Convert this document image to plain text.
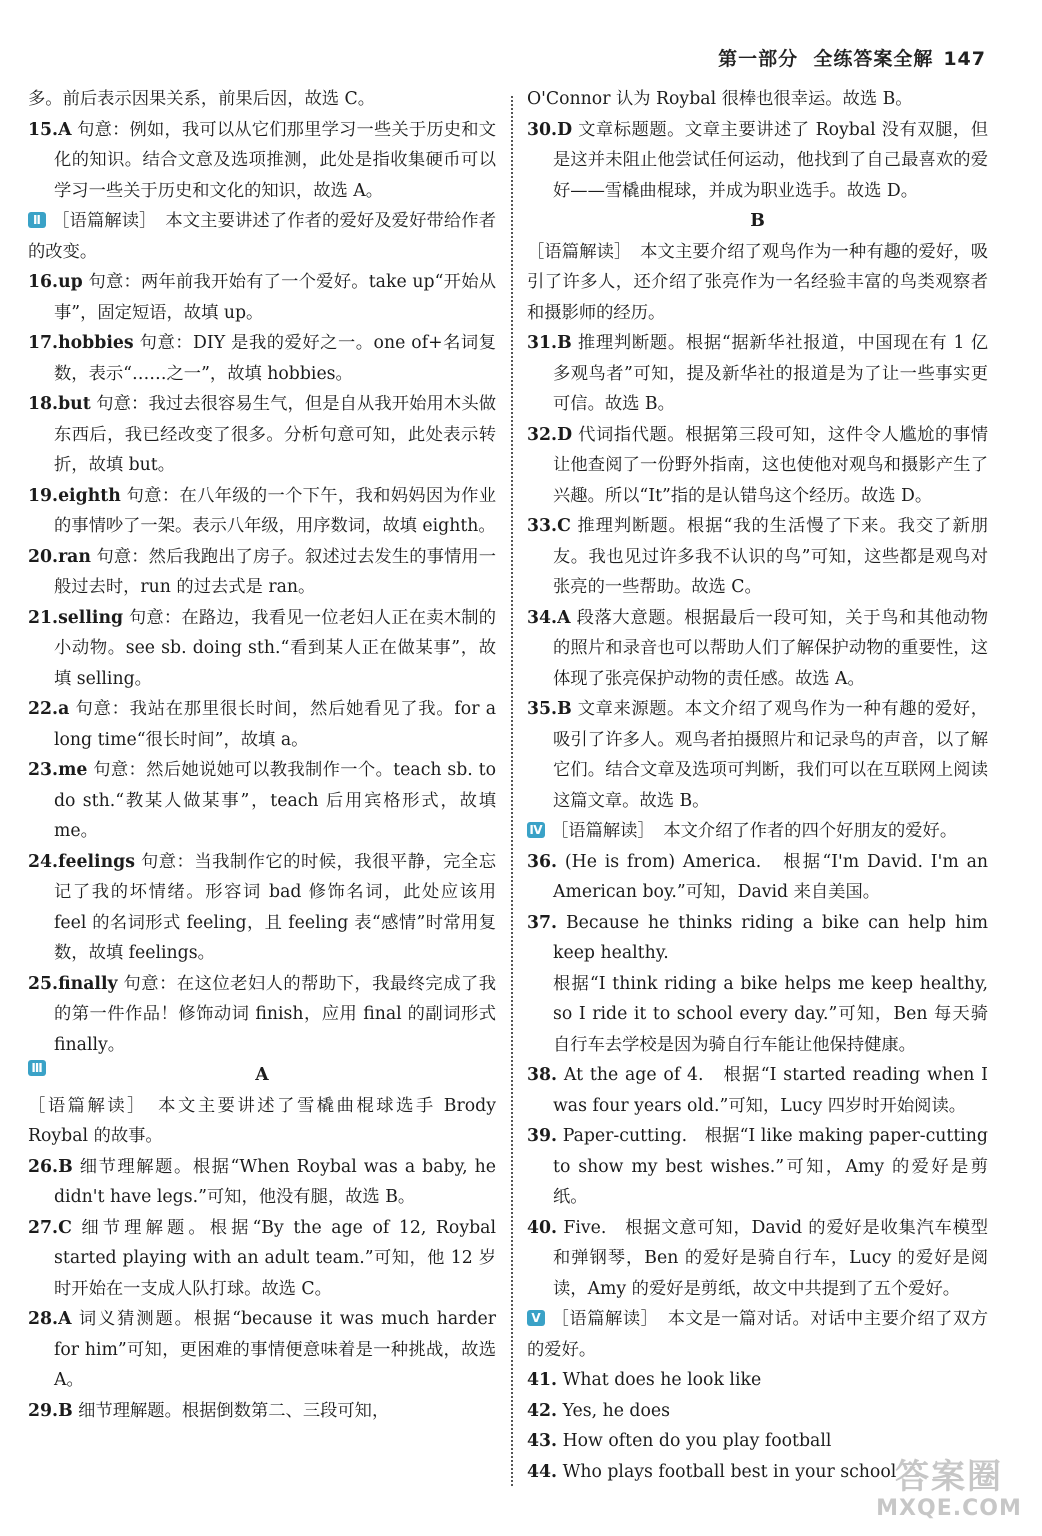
第一部分 全练答案全解 147

多。前后表示因果关系，前果后因，故选 C。

15.A 句意：例如，我可以从它们那里学习一些关于历史和文化的知识。结合文意及选项推测，此处是指收集硬币可以学习一些关于历史和文化的知识，故选 A。

Ⅱ ［语篇解读］　本文主要讲述了作者的爱好及爱好带给作者的改变。

16.up 句意：两年前我开始有了一个爱好。take up“开始从事”，固定短语，故填 up。

17.hobbies 句意：DIY 是我的爱好之一。one of+名词复数，表示“……之一”，故填 hobbies。

18.but 句意：我过去很容易生气，但是自从我开始用木头做东西后，我已经改变了很多。分析句意可知，此处表示转折，故填 but。

19.eighth 句意：在八年级的一个下午，我和妈妈因为作业的事情吵了一架。表示八年级，用序数词，故填 eighth。

20.ran 句意：然后我跑出了房子。叙述过去发生的事情用一般过去时，run 的过去式是 ran。

21.selling 句意：在路边，我看见一位老妇人正在卖木制的小动物。see sb. doing sth.“看到某人正在做某事”，故填 selling。

22.a 句意：我站在那里很长时间，然后她看见了我。for a long time“很长时间”，故填 a。

23.me 句意：然后她说她可以教我制作一个。teach sb. to do sth.“教某人做某事”，teach 后用宾格形式，故填 me。

24.feelings 句意：当我制作它的时候，我很平静，完全忘记了我的坏情绪。形容词 bad 修饰名词，此处应该用 feel 的名词形式 feeling，且 feeling 表“感情”时常用复数，故填 feelings。

25.finally 句意：在这位老妇人的帮助下，我最终完成了我的第一件作品！修饰动词 finish，应用 final 的副词形式 finally。

Ⅲ	A

［语篇解读］　本文主要讲述了雪橇曲棍球选手 Brody Roybal 的故事。

26.B 细节理解题。根据“When Roybal was a baby, he didn't have legs.”可知，他没有腿，故选 B。

27.C 细节理解题。根据“By the age of 12, Roybal started playing with an adult team.”可知，他 12 岁时开始在一支成人队打球。故选 C。

28.A 词义猜测题。根据“because it was much harder for him”可知，更困难的事情便意味着是一种挑战，故选 A。

29.B 细节理解题。根据倒数第二、三段可知，

O'Connor 认为 Roybal 很棒也很幸运。故选 B。

30.D 文章标题题。文章主要讲述了 Roybal 没有双腿，但是这并未阻止他尝试任何运动，他找到了自己最喜欢的爱好——雪橇曲棍球，并成为职业选手。故选 D。

B

［语篇解读］　本文主要介绍了观鸟作为一种有趣的爱好，吸引了许多人，还介绍了张亮作为一名经验丰富的鸟类观察者和摄影师的经历。

31.B 推理判断题。根据“据新华社报道，中国现在有 1 亿多观鸟者”可知，提及新华社的报道是为了让一些事实更可信。故选 B。

32.D 代词指代题。根据第三段可知，这件令人尴尬的事情让他查阅了一份野外指南，这也使他对观鸟和摄影产生了兴趣。所以“It”指的是认错鸟这个经历。故选 D。

33.C 推理判断题。根据“我的生活慢了下来。我交了新朋友。我也见过许多我不认识的鸟”可知，这些都是观鸟对张亮的一些帮助。故选 C。

34.A 段落大意题。根据最后一段可知，关于鸟和其他动物的照片和录音也可以帮助人们了解保护动物的重要性，这体现了张亮保护动物的责任感。故选 A。

35.B 文章来源题。本文介绍了观鸟作为一种有趣的爱好，吸引了许多人。观鸟者拍摄照片和记录鸟的声音，以了解它们。结合文章及选项可判断，我们可以在互联网上阅读这篇文章。故选 B。

Ⅳ ［语篇解读］　本文介绍了作者的四个好朋友的爱好。

36. (He is from) America.　根据“I'm David. I'm an American boy.”可知，David 来自美国。

37. Because he thinks riding a bike can help him keep healthy.

根据“I think riding a bike helps me keep healthy, so I ride it to school every day.”可知，Ben 每天骑自行车去学校是因为骑自行车能让他保持健康。

38. At the age of 4.　根据“I started reading when I was four years old.”可知，Lucy 四岁时开始阅读。

39. Paper-cutting.　根据“I like making paper-cutting to show my best wishes.”可知，Amy 的爱好是剪纸。

40. Five.　根据文意可知，David 的爱好是收集汽车模型和弹钢琴，Ben 的爱好是骑自行车，Lucy 的爱好是阅读，Amy 的爱好是剪纸，故文中共提到了五个爱好。

Ⅴ ［语篇解读］　本文是一篇对话。对话中主要介绍了双方的爱好。

41. What does he look like

42. Yes, he does

43. How often do you play football

44. Who plays football best in your school

答案圈
MXQE.COM
